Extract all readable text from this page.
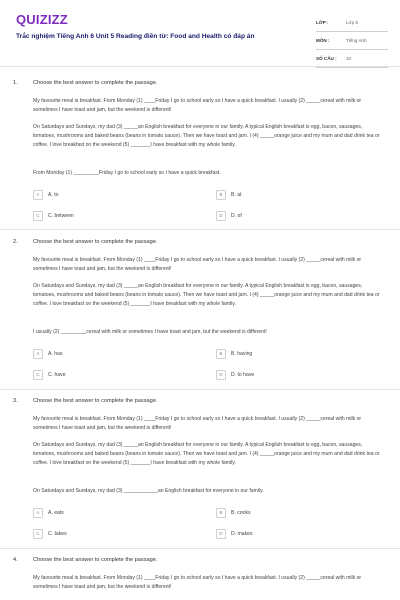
QUIZIZZ
Trắc nghiệm Tiếng Anh 6 Unit 5 Reading điền từ: Food and Health có đáp án
LỚP :	Lớp 6
MÔN :	Tiếng Anh
SỐ CÂU :	10
1.	Choose the best answer to complete the passage.
My favourite meal is breakfast. From Monday (1) ____Friday I go to school early so I have a quick breakfast. I usually (2) _____cereal with milk or sometimes I have toast and jam, but the weekend is different!
On Saturdays and Sundays, my dad (3) _____an English breakfast for everyone in our family. A typical English breakfast is egg, bacon, sausages, tomatoes, mushrooms and baked beans (beans in tomato sauce). Then we have toast and jam. I (4) _____orange juice and my mum and dad drink tea or coffee. I love breakfast on the weekend (5) _______I have breakfast with my whole family.
From Monday (1) _________Friday I go to school early so I have a quick breakfast.
A	A. to	B	B. at
C	C. between	D	D. of
2.	Choose the best answer to complete the passage.
My favourite meal is breakfast. From Monday (1) ____Friday I go to school early so I have a quick breakfast. I usually (2) _____cereal with milk or sometimes I have toast and jam, but the weekend is different!
On Saturdays and Sundays, my dad (3) _____an English breakfast for everyone in our family. A typical English breakfast is egg, bacon, sausages, tomatoes, mushrooms and baked beans (beans in tomato sauce). Then we have toast and jam. I (4) _____orange juice and my mum and dad drink tea or coffee. I love breakfast on the weekend (5) _______I have breakfast with my whole family.
I usually (2) _________cereal with milk or sometimes I have toast and jam, but the weekend is different!
A	A. has	B	B. having
C	C. have	D	D. to have
3.	Choose the best answer to complete the passage.
My favourite meal is breakfast. From Monday (1) ____Friday I go to school early so I have a quick breakfast. I usually (2) _____cereal with milk or sometimes I have toast and jam, but the weekend is different!
On Saturdays and Sundays, my dad (3) _____an English breakfast for everyone in our family. A typical English breakfast is egg, bacon, sausages, tomatoes, mushrooms and baked beans (beans in tomato sauce). Then we have toast and jam. I (4) _____orange juice and my mum and dad drink tea or coffee. I love breakfast on the weekend (5) _______I have breakfast with my whole family.
On Saturdays and Sundays, my dad (3) ____________an English breakfast for everyone in our family.
A	A. eats	B	B. cooks
C	C. takes	D	D. makes
4.	Choose the best answer to complete the passage.
My favourite meal is breakfast. From Monday (1) ____Friday I go to school early so I have a quick breakfast. I usually (2) _____cereal with milk or sometimes I have toast and jam, but the weekend is different!
